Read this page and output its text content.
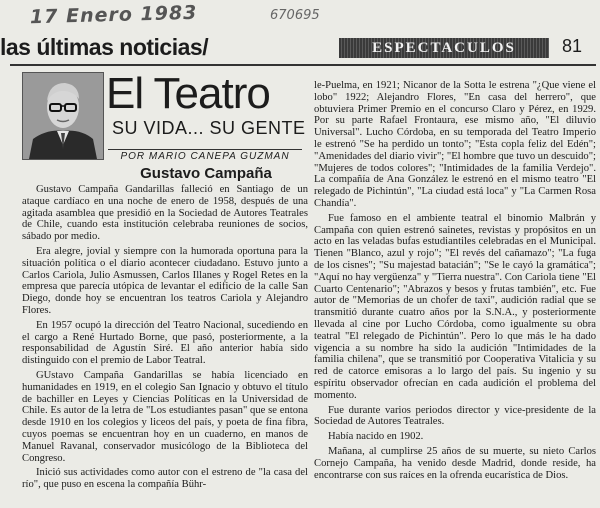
17 Enero 1983	670695
las últimas noticias/	ESPECTACULOS	81
El Teatro
SU VIDA... SU GENTE
POR MARIO CANEPA GUZMAN
Gustavo Campaña

Gustavo Campaña Gandarillas falleció en Santiago de un ataque cardíaco en una noche de enero de 1958, después de una agitada asamblea que presidió en la Sociedad de Autores Teatrales de Chile, cuando esta institución celebraba reuniones de socios, sábado por medio.

Era alegre, jovial y siempre con la humorada oportuna para la situación política o el diario acontecer ciudadano. Estuvo junto a Carlos Cariola, Julio Asmussen, Carlos Illanes y Rogel Retes en la empresa que parecía utópica de levantar el edificio de la calle San Diego, donde hoy se encuentran los teatros Cariola y Alejandro Flores.

En 1957 ocupó la dirección del Teatro Nacional, sucediendo en el cargo a René Hurtado Borne, que pasó, posteriormente, a la responsabilidad de Agustín Siré. El año anterior había sido distinguido con el premio de Labor Teatral.

GUstavo Campaña Gandarillas se había licenciado en humanidades en 1919, en el colegio San Ignacio y obtuvo el título de bachiller en Leyes y Ciencias Políticas en la Universidad de Chile. Es autor de la letra de "Los estudiantes pasan" que se entona desde 1910 en los colegios y liceos del país, y poeta de fina fibra, cuyos poemas se encuentran hoy en un cuaderno, en manos de Manuel Ravanal, conservador musicólogo de la Biblioteca del Congreso.

Inició sus actividades como autor con el estreno de "la casa del río", que puso en escena la compañía Bühr-

le-Puelma, en 1921; Nicanor de la Sotta le estrena "¿Que viene el lobo" 1922; Alejandro Flores, "En casa del herrero", que obtuviera Primer Premio en el concurso Claro y Pérez, en 1929. Por su parte Rafael Frontaura, ese mismo año, "El diluvio Universal". Lucho Córdoba, en su temporada del Teatro Imperio le estrenó "Se ha perdido un tonto"; "Esta copla feliz del Edén"; "Amenidades del diario vivir"; "El hombre que tuvo un descuido"; "Mujeres de todos colores"; "Intimidades de la familia Verdejo". La compañía de Ana González le estrenó en el mismo teatro "El relegado de Pichintún", "La ciudad está loca" y "La Carmen Rosa Chandía".

Fue famoso en el ambiente teatral el binomio Malbrán y Campaña con quien estrenó sainetes, revistas y propósitos en un acto en las veladas bufas estudiantiles celebradas en el Municipal. Tienen "Blanco, azul y rojo"; "El revés del cañamazo"; "La fuga de los cisnes"; "Su majestad batacián"; "Se le cayó la gramática"; "Aquí no hay vergüenza" y "Tierra nuestra". Con Cariola tiene "El Cuarto Centenario"; "Abrazos y besos y frutas también", etc. Fue autor de "Memorias de un chofer de taxi", audición radial que se transmitió durante cuatro años por la S.N.A., y posteriormente llevada al cine por Lucho Córdoba, como igualmente su obra teatral "El relegado de Pichintún". Pero lo que más le ha dado vigencia a su nombre ha sido la audición "Intimidades de la familia chilena", que se transmitió por Cooperativa Vitalicia y su red de catorce emisoras a lo largo del país. Su ingenio y su espíritu observador ofrecían en cada audición el problema del momento.

Fue durante varios periodos director y vice-presidente de la Sociedad de Autores Teatrales.

Había nacido en 1902.

Mañana, al cumplirse 25 años de su muerte, su nieto Carlos Cornejo Campaña, ha venido desde Madrid, donde reside, ha encontrarse con sus raíces en la ofrenda eucarística de Dios.
